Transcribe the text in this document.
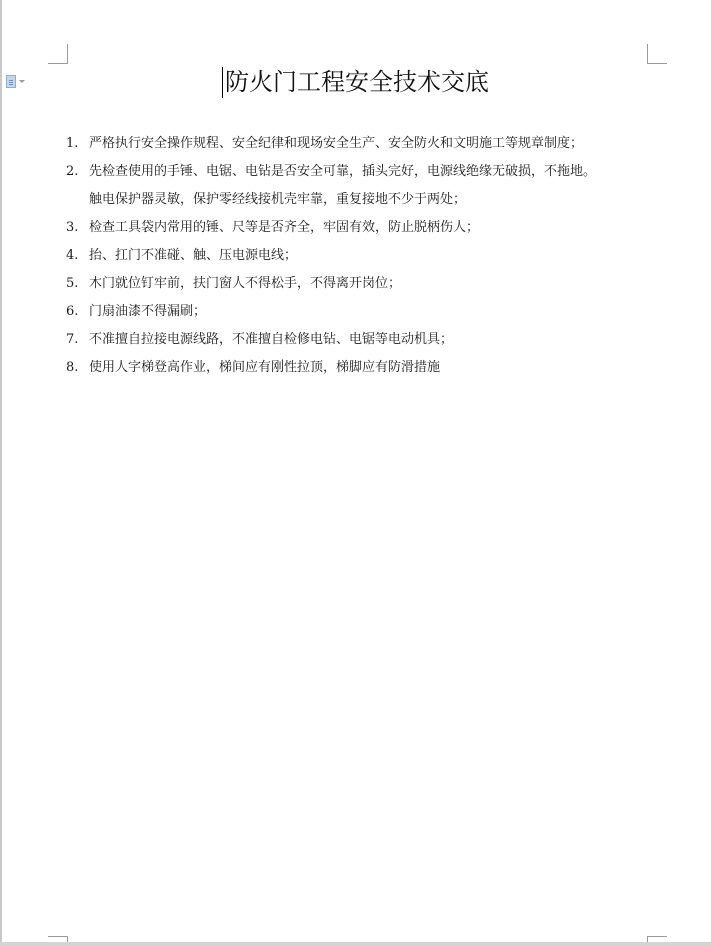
防火门工程安全技术交底
1. 严格执行安全操作规程、安全纪律和现场安全生产、安全防火和文明施工等规章制度；
2. 先检查使用的手锤、电锯、电钻是否安全可靠，插头完好，电源线绝缘无破损，不拖地。
触电保护器灵敏，保护零经线接机壳牢靠，重复接地不少于两处；
3. 检查工具袋内常用的锤、尺等是否齐全，牢固有效，防止脱柄伤人；
4. 抬、扛门不准碰、触、压电源电线；
5. 木门就位钉牢前，扶门窗人不得松手，不得离开岗位；
6. 门扇油漆不得漏刷；
7. 不准擅自拉接电源线路，不准擅自检修电钻、电锯等电动机具；
8. 使用人字梯登高作业，梯间应有刚性拉顶，梯脚应有防滑措施
